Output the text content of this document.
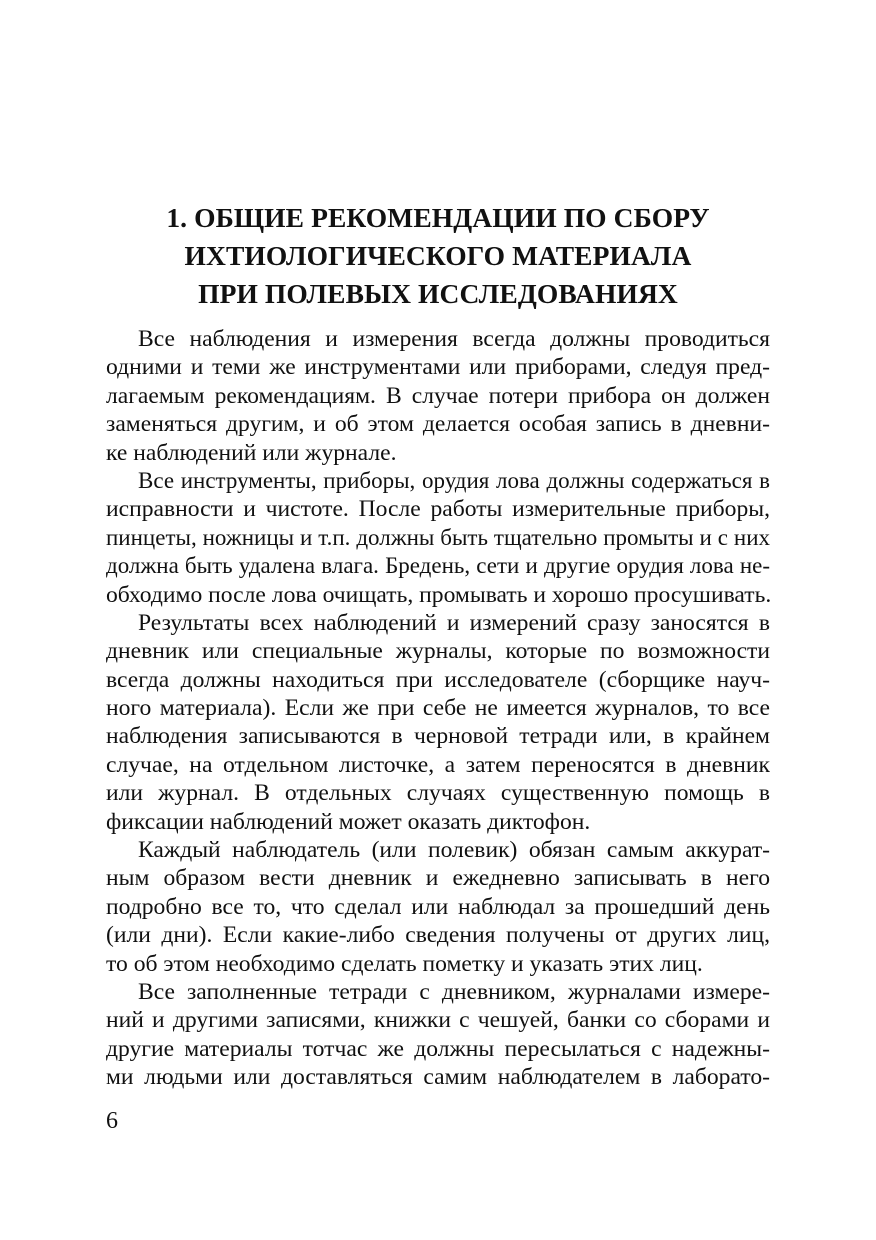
1. ОБЩИЕ РЕКОМЕНДАЦИИ ПО СБОРУ
ИХТИОЛОГИЧЕСКОГО МАТЕРИАЛА
ПРИ ПОЛЕВЫХ ИССЛЕДОВАНИЯХ

Все наблюдения и измерения всегда должны проводиться
одними и теми же инструментами или приборами, следуя пред-
лагаемым рекомендациям. В случае потери прибора он должен
заменяться другим, и об этом делается особая запись в дневни-
ке наблюдений или журнале.

Все инструменты, приборы, орудия лова должны содержаться в
исправности и чистоте. После работы измерительные приборы,
пинцеты, ножницы и т.п. должны быть тщательно промыты и с них
должна быть удалена влага. Бредень, сети и другие орудия лова не-
обходимо после лова очищать, промывать и хорошо просушивать.

Результаты всех наблюдений и измерений сразу заносятся в
дневник или специальные журналы, которые по возможности
всегда должны находиться при исследователе (сборщике науч-
ного материала). Если же при себе не имеется журналов, то все
наблюдения записываются в черновой тетради или, в крайнем
случае, на отдельном листочке, а затем переносятся в дневник
или журнал. В отдельных случаях существенную помощь в
фиксации наблюдений может оказать диктофон.

Каждый наблюдатель (или полевик) обязан самым аккурат-
ным образом вести дневник и ежедневно записывать в него
подробно все то, что сделал или наблюдал за прошедший день
(или дни). Если какие-либо сведения получены от других лиц,
то об этом необходимо сделать пометку и указать этих лиц.

Все заполненные тетради с дневником, журналами измере-
ний и другими записями, книжки с чешуей, банки со сборами и
другие материалы тотчас же должны пересылаться с надежны-
ми людьми или доставляться самим наблюдателем в лаборато-

6
